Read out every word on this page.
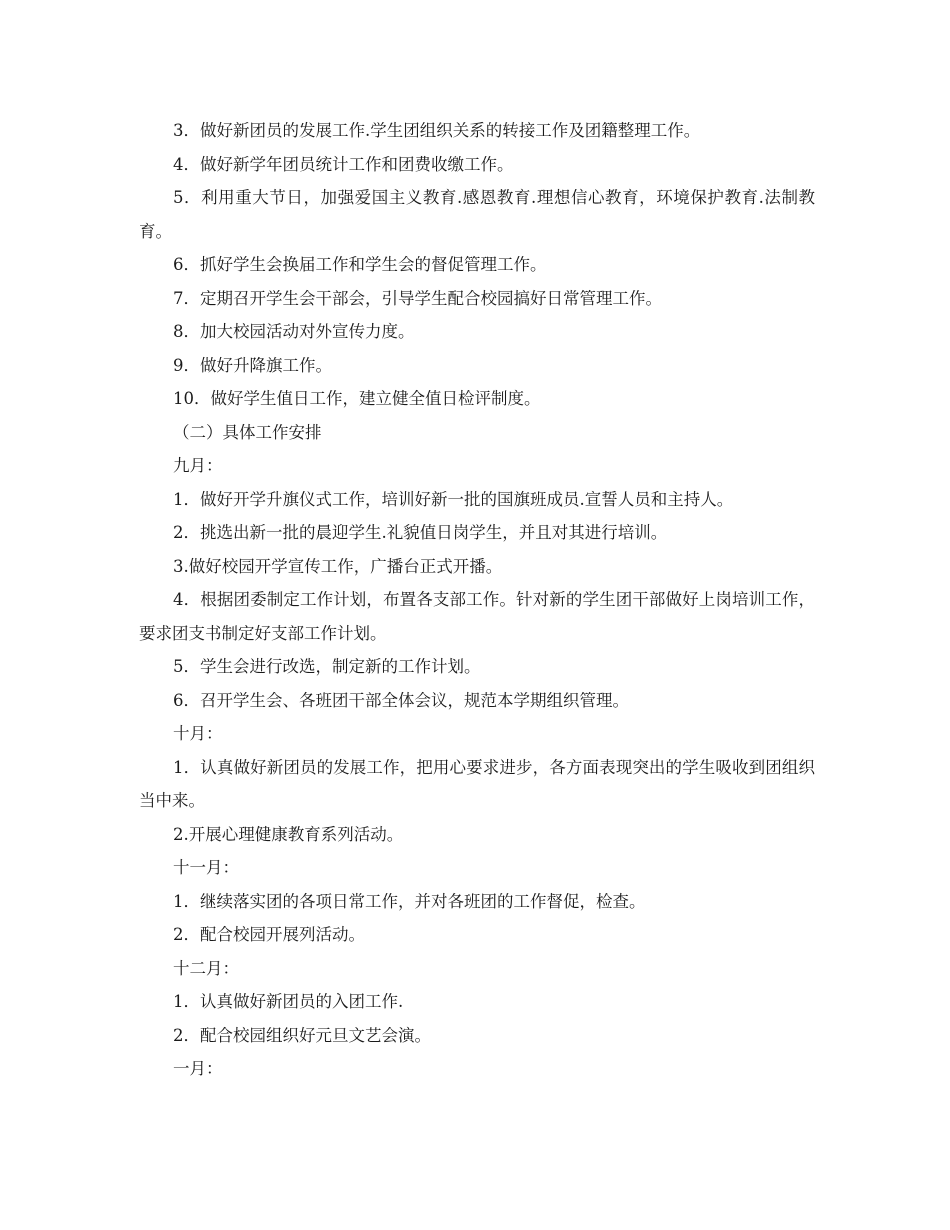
3．做好新团员的发展工作.学生团组织关系的转接工作及团籍整理工作。

4．做好新学年团员统计工作和团费收缴工作。

5．利用重大节日，加强爱国主义教育.感恩教育.理想信心教育，环境保护教育.法制教育。

6．抓好学生会换届工作和学生会的督促管理工作。

7．定期召开学生会干部会，引导学生配合校园搞好日常管理工作。

8．加大校园活动对外宣传力度。

9．做好升降旗工作。

10．做好学生值日工作，建立健全值日检评制度。

（二）具体工作安排

九月：

1．做好开学升旗仪式工作，培训好新一批的国旗班成员.宣誓人员和主持人。

2．挑选出新一批的晨迎学生.礼貌值日岗学生，并且对其进行培训。

3.做好校园开学宣传工作，广播台正式开播。

4．根据团委制定工作计划，布置各支部工作。针对新的学生团干部做好上岗培训工作，要求团支书制定好支部工作计划。

5．学生会进行改选，制定新的工作计划。

6．召开学生会、各班团干部全体会议，规范本学期组织管理。

十月：

1．认真做好新团员的发展工作，把用心要求进步，各方面表现突出的学生吸收到团组织当中来。

2.开展心理健康教育系列活动。

十一月：

1．继续落实团的各项日常工作，并对各班团的工作督促，检查。

2．配合校园开展列活动。

十二月：

1．认真做好新团员的入团工作.

2．配合校园组织好元旦文艺会演。

一月：
